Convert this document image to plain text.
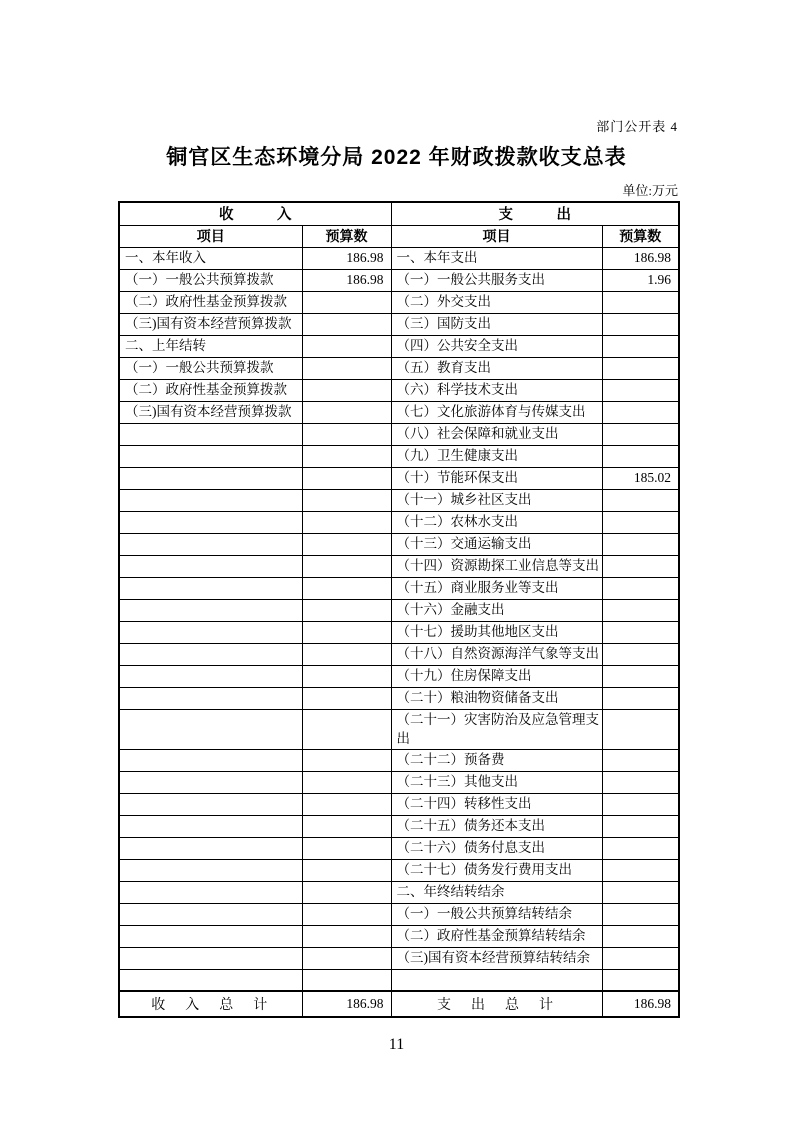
部门公开表 4
铜官区生态环境分局 2022 年财政拨款收支总表
单位:万元
收　　　入		支　　　出	
项目	预算数	项目	预算数
一、本年收入	186.98	一、本年支出	186.98
（一）一般公共预算拨款	186.98	（一）一般公共服务支出	1.96
（二）政府性基金预算拨款		（二）外交支出	
（三)国有资本经营预算拨款		（三）国防支出	
二、上年结转		（四）公共安全支出	
（一）一般公共预算拨款		（五）教育支出	
（二）政府性基金预算拨款		（六）科学技术支出	
（三)国有资本经营预算拨款		（七）文化旅游体育与传媒支出	
		（八）社会保障和就业支出	
		（九）卫生健康支出	
		（十）节能环保支出	185.02
		（十一）城乡社区支出	
		（十二）农林水支出	
		（十三）交通运输支出	
		（十四）资源勘探工业信息等支出	
		（十五）商业服务业等支出	
		（十六）金融支出	
		（十七）援助其他地区支出	
		（十八）自然资源海洋气象等支出	
		（十九）住房保障支出	
		（二十）粮油物资储备支出	
		（二十一）灾害防治及应急管理支出	
		（二十二）预备费	
		（二十三）其他支出	
		（二十四）转移性支出	
		（二十五）债务还本支出	
		（二十六）债务付息支出	
		（二十七）债务发行费用支出	
		二、年终结转结余	
		（一）一般公共预算结转结余	
		（二）政府性基金预算结转结余	
		（三)国有资本经营预算结转结余	

收　入　总　计	186.98	支　出　总　计	186.98
11
